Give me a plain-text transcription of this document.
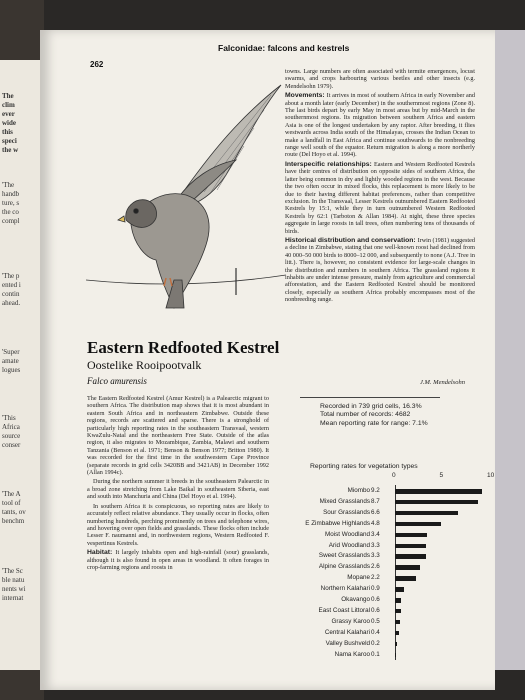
The
clim
ever
wide
this
speci
the w
'The
handb
ture, s
the co
compl
'The p
ented i
contin
ahead.
'Super
amate
logues
'This
Africa
source
conser
'The A
tool of
tants, ov
benchm
'The Sc
ble natu
nents wi
internat
262
Falconidae: falcons and kestrels
Eastern Redfooted Kestrel
Oostelike Rooipootvalk
Falco amurensis

The Eastern Redfooted Kestrel (Amur Kestrel) is a Palearctic migrant to southern Africa. The distribution map shows that it is most abundant in eastern South Africa and in northeastern Zimbabwe. Outside these regions, records are scattered and sparse. There is a stronghold of particularly high reporting rates in the southeastern Transvaal, western KwaZulu-Natal and the northeastern Free State. Outside of the atlas region, it also migrates to Mozambique, Zambia, Malawi and southern Tanzania (Benson et al. 1971; Benson & Benson 1977; Britton 1980). It was recorded for the first time in the southwestern Cape Province (separate records in grid cells 3420BB and 3421AB) in December 1992 (Allan 1994c).

During the northern summer it breeds in the southeastern Palearctic in a broad zone stretching from Lake Baikal in southeastern Siberia, east and south into Manchuria and China (Del Hoyo et al. 1994).

In southern Africa it is conspicuous, so reporting rates are likely to accurately reflect relative abundance. They usually occur in flocks, often numbering hundreds, perching prominently on trees and telephone wires, and hovering over open fields and grasslands. These flocks often include Lesser F. naumanni and, in northwestern regions, Western Redfooted F. vespertinus Kestrels.

Habitat: It largely inhabits open and high-rainfall (sour) grasslands, although it is also found in open areas in woodland. It often forages in crop-farming regions and roosts in

towns. Large numbers are often associated with termite emergences, locust swarms, and crops harbouring various beetles and other insects (e.g. Mendelsohn 1979).

Movements: It arrives in most of southern Africa in early November and about a month later (early December) in the southernmost regions (Zone 8). The last birds depart by early May in most areas but by mid-March in the southernmost regions. Its migration between southern Africa and eastern Asia is one of the longest undertaken by any raptor. After breeding, it flies westwards across India south of the Himalayas, crosses the Indian Ocean to make a landfall in East Africa and continue southwards to the nonbreeding range well south of the equator. Return migration is along a more northerly route (Del Hoyo et al. 1994).

Interspecific relationships: Eastern and Western Redfooted Kestrels have their centres of distribution on opposite sides of southern Africa, the latter being common in dry and lightly wooded regions in the west. Because the two often occur in mixed flocks, this replacement is more likely to be due to their having different habitat preferences, rather than competitive exclusion. In the Transvaal, Lesser Kestrels outnumbered Eastern Redfooted Kestrels by 15:1, while they in turn outnumbered Western Redfooted Kestrels by 62:1 (Tarboton & Allan 1984). At night, these three species aggregate in large roosts in tall trees, often numbering tens of thousands of birds.

Historical distribution and conservation: Irwin (1981) suggested a decline in Zimbabwe, stating that one well-known roost had declined from 40 000–50 000 birds to 8000–12 000, and subsequently to none (A.J. Tree in litt.). There is, however, no consistent evidence for large-scale changes in the distribution and numbers in southern Africa. The grassland regions it inhabits are under intense pressure, mainly from agriculture and commercial afforestation, and the Eastern Redfooted Kestrel should be monitored closely, especially as southern Africa probably encompasses most of the nonbreeding range.

J.M. Mendelsohn
Recorded in 739 grid cells, 16.3%
Total number of records: 4682
Mean reporting rate for range: 7.1%
Reporting rates for vegetation types
0	5	10
Miombo 9.2
Mixed Grasslands 8.7
Sour Grasslands 6.6
E Zimbabwe Highlands 4.8
Moist Woodland 3.4
Arid Woodland 3.3
Sweet Grasslands 3.3
Alpine Grasslands 2.6
Mopane 2.2
Northern Kalahari 0.9
Okavango 0.6
East Coast Littoral 0.6
Grassy Karoo 0.5
Central Kalahari 0.4
Valley Bushveld 0.2
Nama Karoo 0.1
